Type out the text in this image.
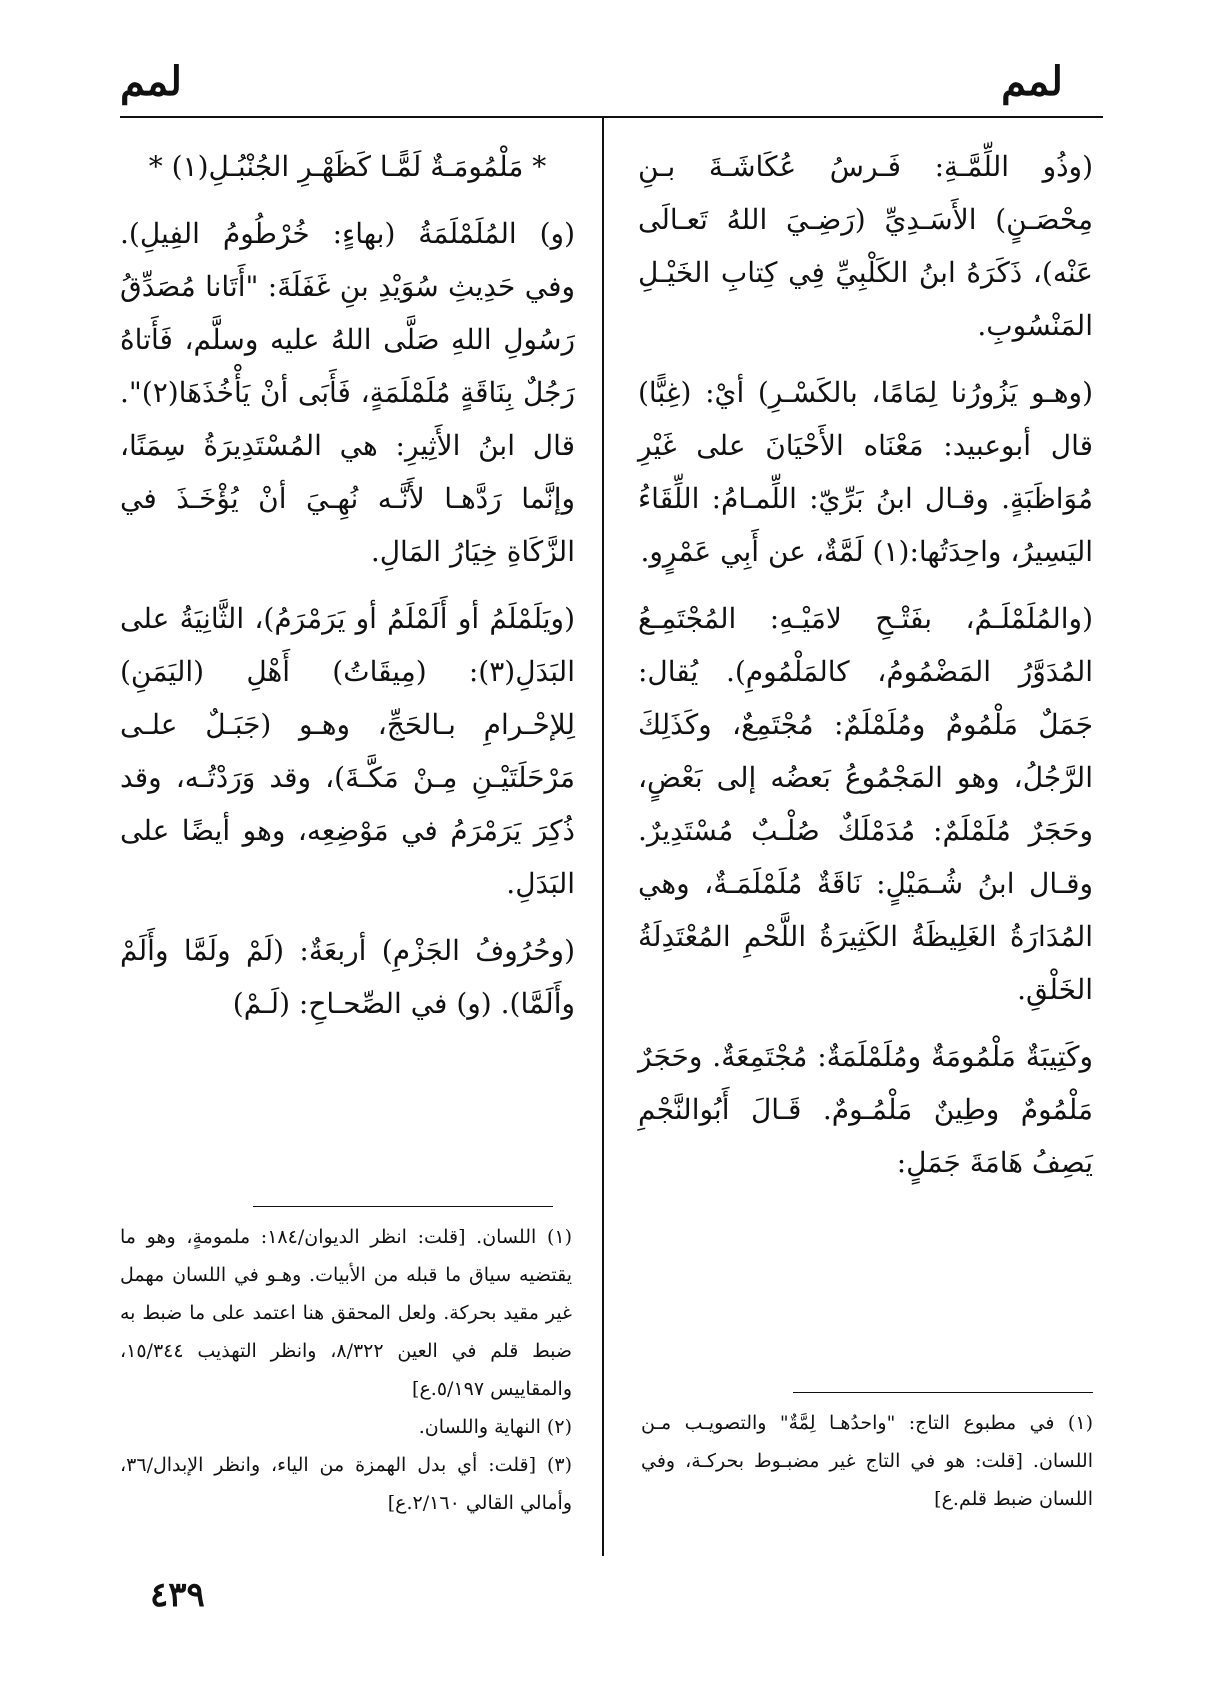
لمم
لمم

(وذُو اللِّمَّـةِ: فَـرسُ عُكَاشَـةَ بـنِ مِحْصَـنٍ) الأَسَـدِيِّ (رَضِـيَ اللهُ تَعـالَى عَنْه)، ذَكَرَهُ ابنُ الكَلْبِيِّ فِي كِتابِ الخَيْـلِ المَنْسُوبِ.

(وهـو يَزُورُنا لِمَامًا، بالكَسْـرِ) أيْ: (غِبًّا) قال أبوعبيد: مَعْنَاه الأَحْيَانَ على غَيْرِ مُوَاظَبَةٍ. وقـال ابنُ بَرِّيّ: اللِّمـامُ: اللِّقَاءُ اليَسِيرُ، واحِدَتُها:(١) لَمَّةٌ، عن أَبِي عَمْرٍو.

(والمُلَمْلَـمُ، بفَتْـحِ لامَيْـهِ: المُجْتَمِـعُ المُدَوَّرُ المَضْمُومُ، كالمَلْمُومِ). يُقال: جَمَلٌ مَلْمُومٌ ومُلَمْلَمٌ: مُجْتَمِعٌ، وكَذَلِكَ الرَّجُلُ، وهو المَجْمُوعُ بَعضُه إلى بَعْضٍ، وحَجَرٌ مُلَمْلَمٌ: مُدَمْلَكٌ صُلْـبٌ مُسْتَدِيرٌ. وقـال ابنُ شُـمَيْلٍ: نَاقَةٌ مُلَمْلَمَـةٌ، وهي المُدَارَةُ الغَلِيظَةُ الكَثِيرَةُ اللَّحْمِ المُعْتَدِلَةُ الخَلْقِ.

وكَتِيبَةٌ مَلْمُومَةٌ ومُلَمْلَمَةٌ: مُجْتَمِعَةٌ. وحَجَرٌ مَلْمُومٌ وطِينٌ مَلْمُـومٌ. قَـالَ أَبُوالنَّجْمِ يَصِفُ هَامَةَ جَمَلٍ:

* مَلْمُومَـةٌ لَمًّـا كَظَهْـرِ الجُنْبُـلِ(١) *

(و) المُلَمْلَمَةُ (بهاءٍ: خُرْطُومُ الفِيلِ). وفي حَدِيثِ سُوَيْدِ بنِ غَفَلَةَ: "أَتَانا مُصَدِّقُ رَسُولِ اللهِ صَلَّى اللهُ عليه وسلَّم، فَأَتاهُ رَجُلٌ بِنَاقَةٍ مُلَمْلَمَةٍ، فَأَبَى أنْ يَأْخُذَهَا(٢)". قال ابنُ الأَثِيرِ: هي المُسْتَدِيرَةُ سِمَنًا، وإنَّما رَدَّهـا لأَنَّـه نُهِـيَ أنْ يُؤْخَـذَ في الزَّكَاةِ خِيَارُ المَالِ.

(ويَلَمْلَمُ أو أَلَمْلَمُ أو يَرَمْرَمُ)، الثَّانِيَةُ على البَدَلِ(٣): (مِيقَاتُ) أَهْلِ (اليَمَنِ) لِلإحْـرامِ بـالحَجِّ، وهـو (جَبَـلٌ علـى مَرْحَلَتَيْـنِ مِـنْ مَكَّـةَ)، وقد وَرَدْتُـه، وقد ذُكِرَ يَرَمْرَمُ في مَوْضِعِه، وهو أيضًا على البَدَلِ.

(وحُرُوفُ الجَزْمِ) أربعَةٌ: (لَمْ ولَمَّا وأَلَمْ وأَلَمَّا). (و) في الصِّحـاحِ: (لَـمْ)

(١) في مطبوع التاج: "واحدُهـا لِمَّةٌ" والتصويـب مـن اللسان. [قلت: هو في التاج غير مضبـوط بحركـة، وفي اللسان ضبط قلم.ع]

(١) اللسان. [قلت: انظر الديوان/١٨٤: ملمومةٍ، وهو ما يقتضيه سياق ما قبله من الأبيات. وهـو في اللسان مهمل غير مقيد بحركة. ولعل المحقق هنا اعتمد على ما ضبط به ضبط قلم في العين ٨/٣٢٢، وانظر التهذيب ١٥/٣٤٤، والمقاييس ٥/١٩٧.ع]

(٢) النهاية واللسان.

(٣) [قلت: أي بدل الهمزة من الياء، وانظر الإبدال/٣٦، وأمالي القالي ٢/١٦٠.ع]

٤٣٩
